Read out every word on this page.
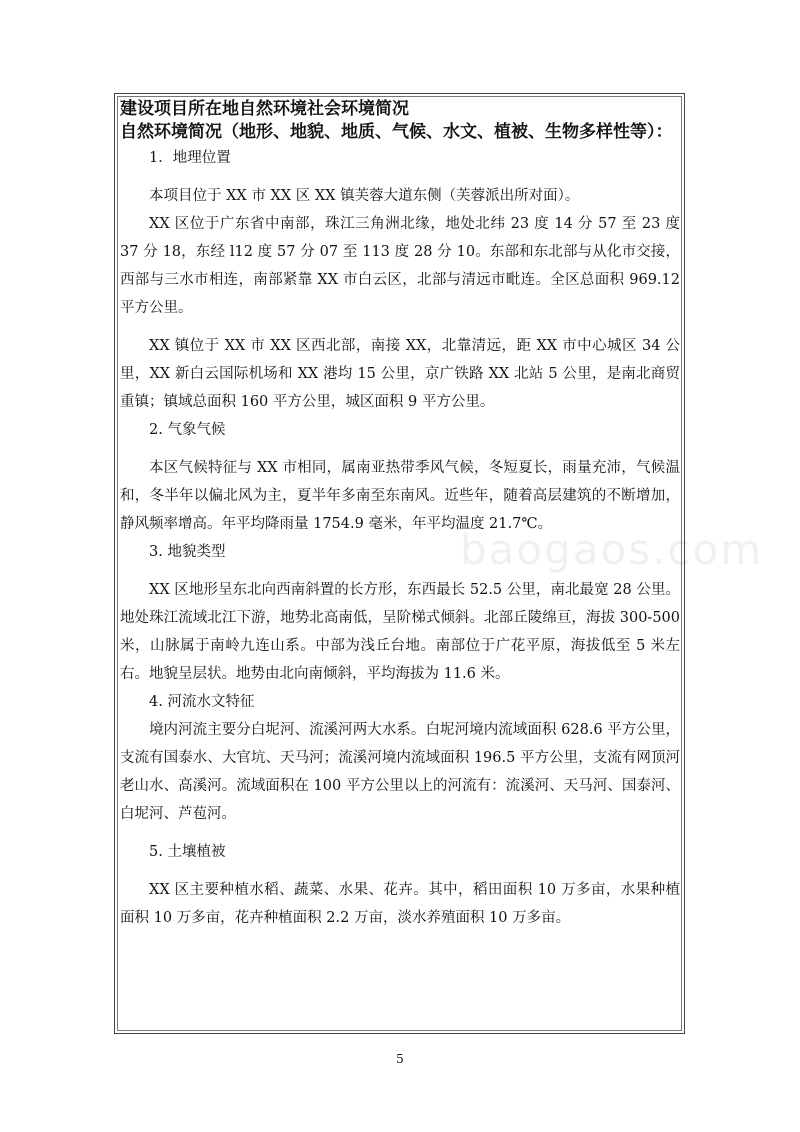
baogaos.com

建设项目所在地自然环境社会环境简况

自然环境简况（地形、地貌、地质、气候、水文、植被、生物多样性等）：

1．地理位置

本项目位于 XX 市 XX 区 XX 镇芙蓉大道东侧（芙蓉派出所对面）。

XX 区位于广东省中南部，珠江三角洲北缘，地处北纬 23 度 14 分 57 至 23 度 37 分 18，东经 l12 度 57 分 07 至 113 度 28 分 10。东部和东北部与从化市交接，西部与三水市相连，南部紧靠 XX 市白云区，北部与清远市毗连。全区总面积 969.12 平方公里。

XX 镇位于 XX 市 XX 区西北部，南接 XX，北靠清远，距 XX 市中心城区 34 公里，XX 新白云国际机场和 XX 港均 15 公里，京广铁路 XX 北站 5 公里，是南北商贸重镇；镇域总面积 160 平方公里，城区面积 9 平方公里。

2. 气象气候

本区气候特征与 XX 市相同，属南亚热带季风气候，冬短夏长，雨量充沛，气候温和，冬半年以偏北风为主，夏半年多南至东南风。近些年，随着高层建筑的不断增加，静风频率增高。年平均降雨量 1754.9 毫米，年平均温度 21.7℃。

3. 地貌类型

XX 区地形呈东北向西南斜置的长方形，东西最长 52.5 公里，南北最宽 28 公里。地处珠江流域北江下游，地势北高南低，呈阶梯式倾斜。北部丘陵绵亘，海拔 300-500 米，山脉属于南岭九连山系。中部为浅丘台地。南部位于广花平原，海拔低至 5 米左右。地貌呈层状。地势由北向南倾斜，平均海拔为 11.6 米。

4. 河流水文特征

境内河流主要分白坭河、流溪河两大水系。白坭河境内流域面积 628.6 平方公里，支流有国泰水、大官坑、天马河；流溪河境内流域面积 196.5 平方公里，支流有网顶河老山水、高溪河。流域面积在 100 平方公里以上的河流有：流溪河、天马河、国泰河、白坭河、芦苞河。

5. 土壤植被

XX 区主要种植水稻、蔬菜、水果、花卉。其中，稻田面积 10 万多亩，水果种植面积 10 万多亩，花卉种植面积 2.2 万亩，淡水养殖面积 10 万多亩。

5
